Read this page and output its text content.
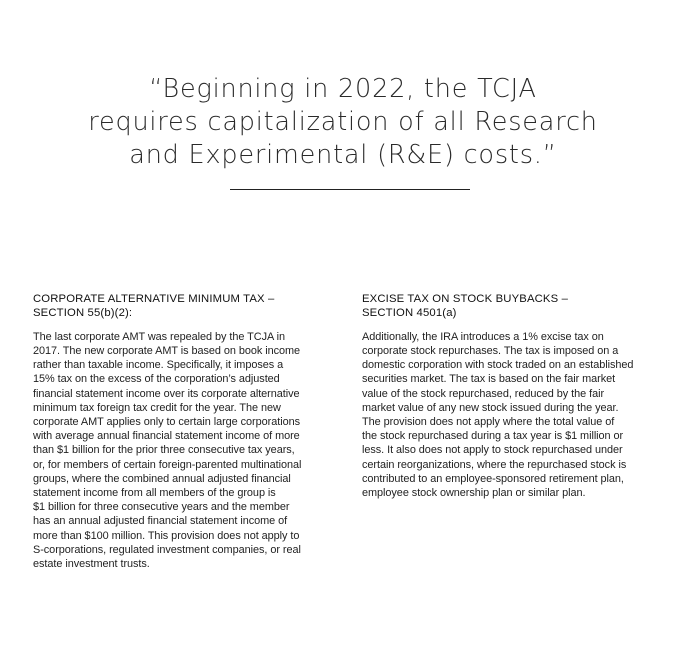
“Beginning in 2022, the TCJA
requires capitalization of all Research
and Experimental (R&E) costs.”
CORPORATE ALTERNATIVE MINIMUM TAX –
SECTION 55(b)(2):

The last corporate AMT was repealed by the TCJA in
2017. The new corporate AMT is based on book income
rather than taxable income. Specifically, it imposes a
15% tax on the excess of the corporation’s adjusted
financial statement income over its corporate alternative
minimum tax foreign tax credit for the year. The new
corporate AMT applies only to certain large corporations
with average annual financial statement income of more
than $1 billion for the prior three consecutive tax years,
or, for members of certain foreign-parented multinational
groups, where the combined annual adjusted financial
statement income from all members of the group is
$1 billion for three consecutive years and the member
has an annual adjusted financial statement income of
more than $100 million. This provision does not apply to
S-corporations, regulated investment companies, or real
estate investment trusts.

EXCISE TAX ON STOCK BUYBACKS –
SECTION 4501(a)

Additionally, the IRA introduces a 1% excise tax on
corporate stock repurchases. The tax is imposed on a
domestic corporation with stock traded on an established
securities market. The tax is based on the fair market
value of the stock repurchased, reduced by the fair
market value of any new stock issued during the year.
The provision does not apply where the total value of
the stock repurchased during a tax year is $1 million or
less. It also does not apply to stock repurchased under
certain reorganizations, where the repurchased stock is
contributed to an employee-sponsored retirement plan,
employee stock ownership plan or similar plan.
